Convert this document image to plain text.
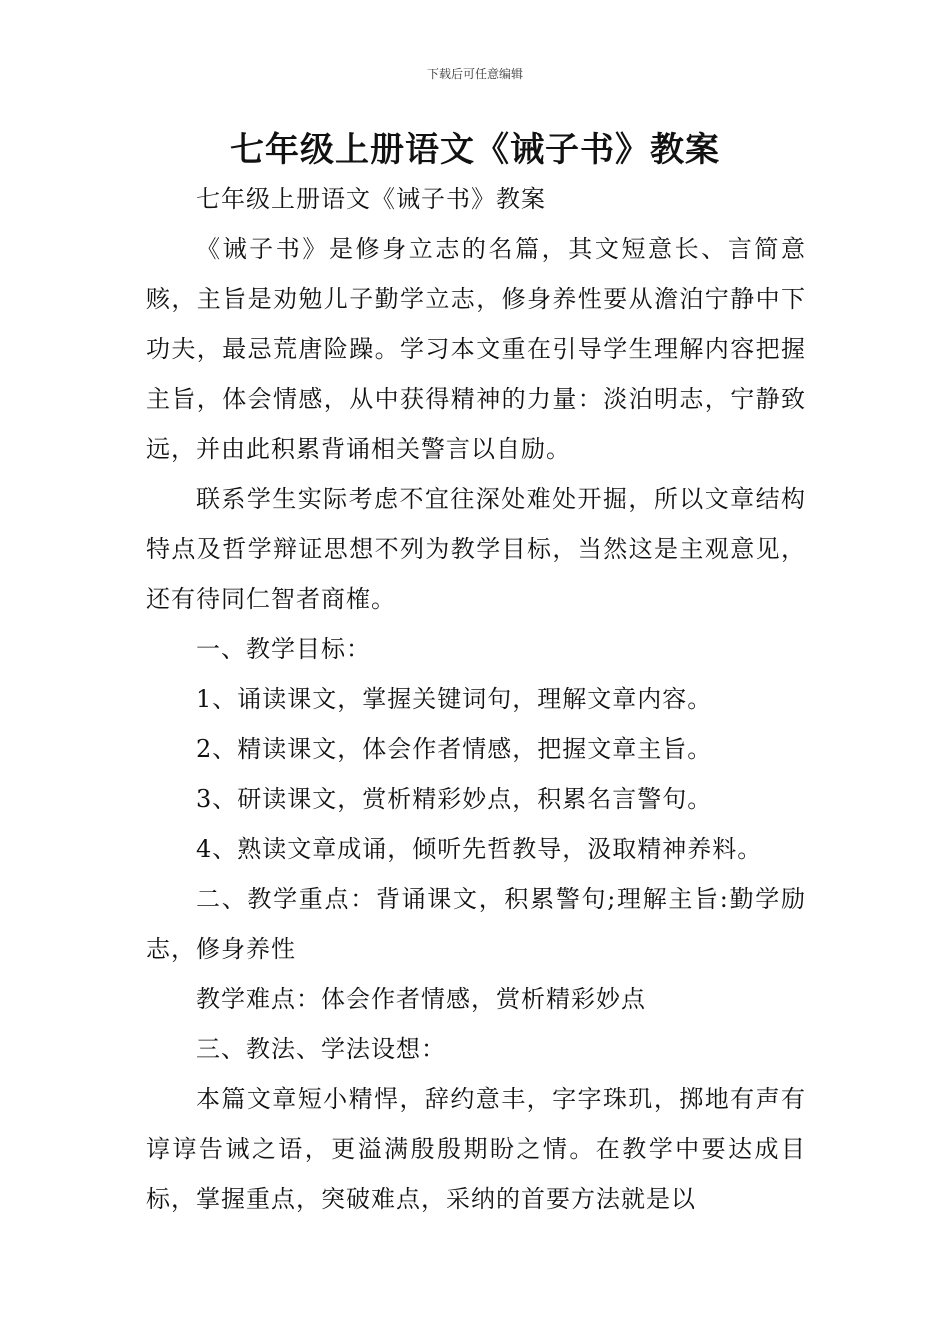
下载后可任意编辑
七年级上册语文《诫子书》教案

七年级上册语文《诫子书》教案

《诫子书》是修身立志的名篇，其文短意长、言简意赅，主旨是劝勉儿子勤学立志，修身养性要从澹泊宁静中下功夫，最忌荒唐险躁。学习本文重在引导学生理解内容把握主旨，体会情感，从中获得精神的力量：淡泊明志，宁静致远，并由此积累背诵相关警言以自励。

联系学生实际考虑不宜往深处难处开掘，所以文章结构特点及哲学辩证思想不列为教学目标，当然这是主观意见，还有待同仁智者商榷。

一、教学目标：

1、诵读课文，掌握关键词句，理解文章内容。

2、精读课文，体会作者情感，把握文章主旨。

3、研读课文，赏析精彩妙点，积累名言警句。

4、熟读文章成诵，倾听先哲教导，汲取精神养料。

二、教学重点：背诵课文，积累警句;理解主旨:勤学励志，修身养性

教学难点：体会作者情感，赏析精彩妙点

三、教法、学法设想：

本篇文章短小精悍，辞约意丰，字字珠玑，掷地有声有谆谆告诫之语，更溢满殷殷期盼之情。在教学中要达成目标，掌握重点，突破难点，采纳的首要方法就是以
